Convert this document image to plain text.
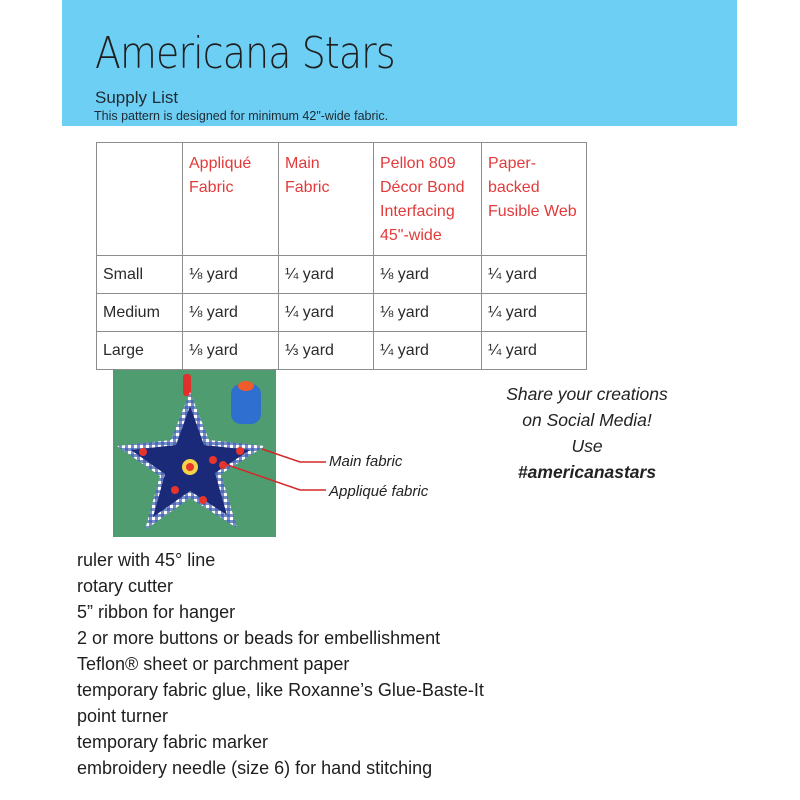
Americana Stars
Supply List
This pattern is designed for minimum 42"-wide fabric.
	Appliqué Fabric	Main Fabric	Pellon 809 Décor Bond Interfacing 45"-wide	Paper-backed Fusible Web
Small	⅛ yard	¼ yard	⅛ yard	¼ yard
Medium	⅛ yard	¼ yard	⅛ yard	¼ yard
Large	⅛ yard	⅓ yard	¼ yard	¼ yard
Main fabric
Appliqué fabric
Share your creations
on Social Media!
Use
#americanastars
ruler with 45° line
rotary cutter
5” ribbon for hanger
2 or more buttons or beads for embellishment
Teflon® sheet or parchment paper
temporary fabric glue, like Roxanne’s Glue-Baste-It
point turner
temporary fabric marker
embroidery needle (size 6) for hand stitching
